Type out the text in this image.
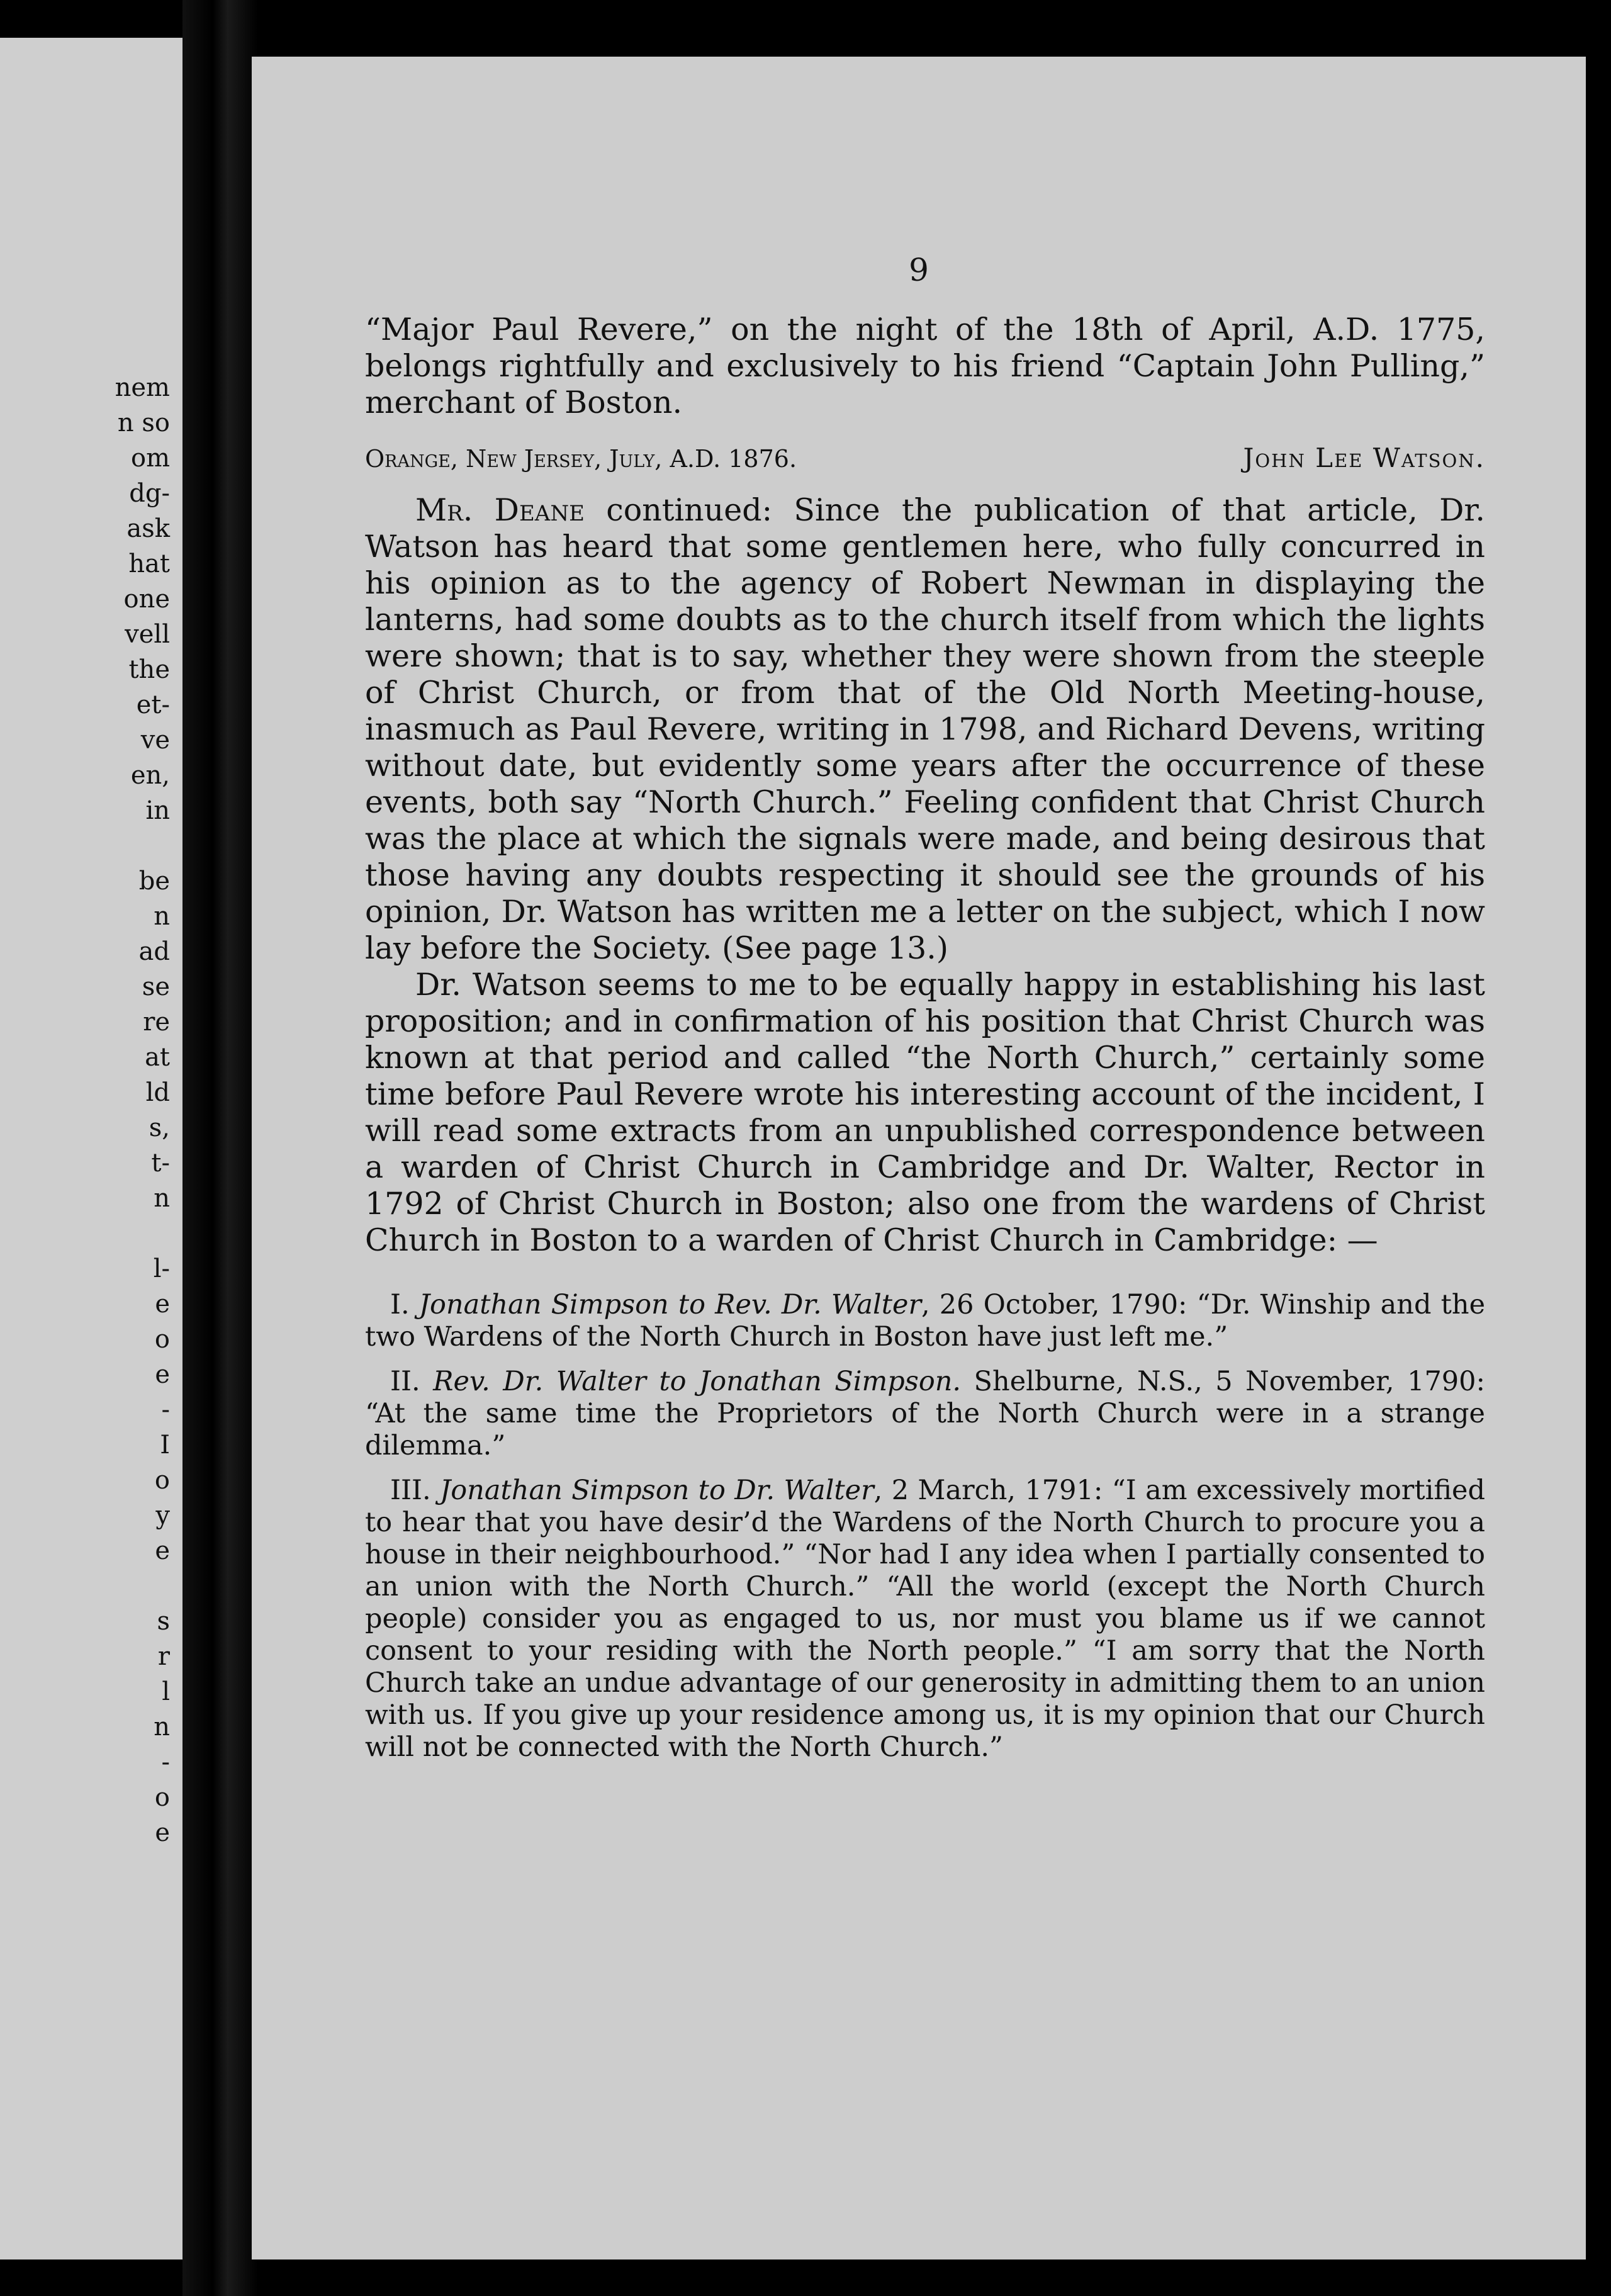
nem

n so

om

dg-

ask

hat

one

vell

the

et-

ve

en,

in

be

n

ad

se

re

at

ld

s,

t-

n

l-

e

o

e

-

I

o

y

e

s

r

l

n

-

o

e

9

“Major Paul Revere,” on the night of the 18th of April, A.D. 1775, belongs rightfully and exclusively to his friend “Captain John Pulling,” merchant of Boston.

Orange, New Jersey, July, A.D. 1876.	John Lee Watson.

Mr. Deane continued: Since the publication of that article, Dr. Watson has heard that some gentlemen here, who fully concurred in his opinion as to the agency of Robert Newman in displaying the lanterns, had some doubts as to the church itself from which the lights were shown; that is to say, whether they were shown from the steeple of Christ Church, or from that of the Old North Meeting-house, inasmuch as Paul Revere, writing in 1798, and Richard Devens, writing without date, but evidently some years after the occurrence of these events, both say “North Church.” Feeling confident that Christ Church was the place at which the signals were made, and being desirous that those having any doubts respecting it should see the grounds of his opinion, Dr. Watson has written me a letter on the subject, which I now lay before the Society. (See page 13.)

Dr. Watson seems to me to be equally happy in establishing his last proposition; and in confirmation of his position that Christ Church was known at that period and called “the North Church,” certainly some time before Paul Revere wrote his interesting account of the incident, I will read some extracts from an unpublished correspondence between a warden of Christ Church in Cambridge and Dr. Walter, Rector in 1792 of Christ Church in Boston; also one from the wardens of Christ Church in Boston to a warden of Christ Church in Cambridge: —

I. Jonathan Simpson to Rev. Dr. Walter, 26 October, 1790: “Dr. Winship and the two Wardens of the North Church in Boston have just left me.”

II. Rev. Dr. Walter to Jonathan Simpson. Shelburne, N.S., 5 November, 1790: “At the same time the Proprietors of the North Church were in a strange dilemma.”

III. Jonathan Simpson to Dr. Walter, 2 March, 1791: “I am excessively mortified to hear that you have desir’d the Wardens of the North Church to procure you a house in their neighbourhood.” “Nor had I any idea when I partially consented to an union with the North Church.” “All the world (except the North Church people) consider you as engaged to us, nor must you blame us if we cannot consent to your residing with the North people.” “I am sorry that the North Church take an undue advantage of our generosity in admitting them to an union with us. If you give up your residence among us, it is my opinion that our Church will not be connected with the North Church.”
